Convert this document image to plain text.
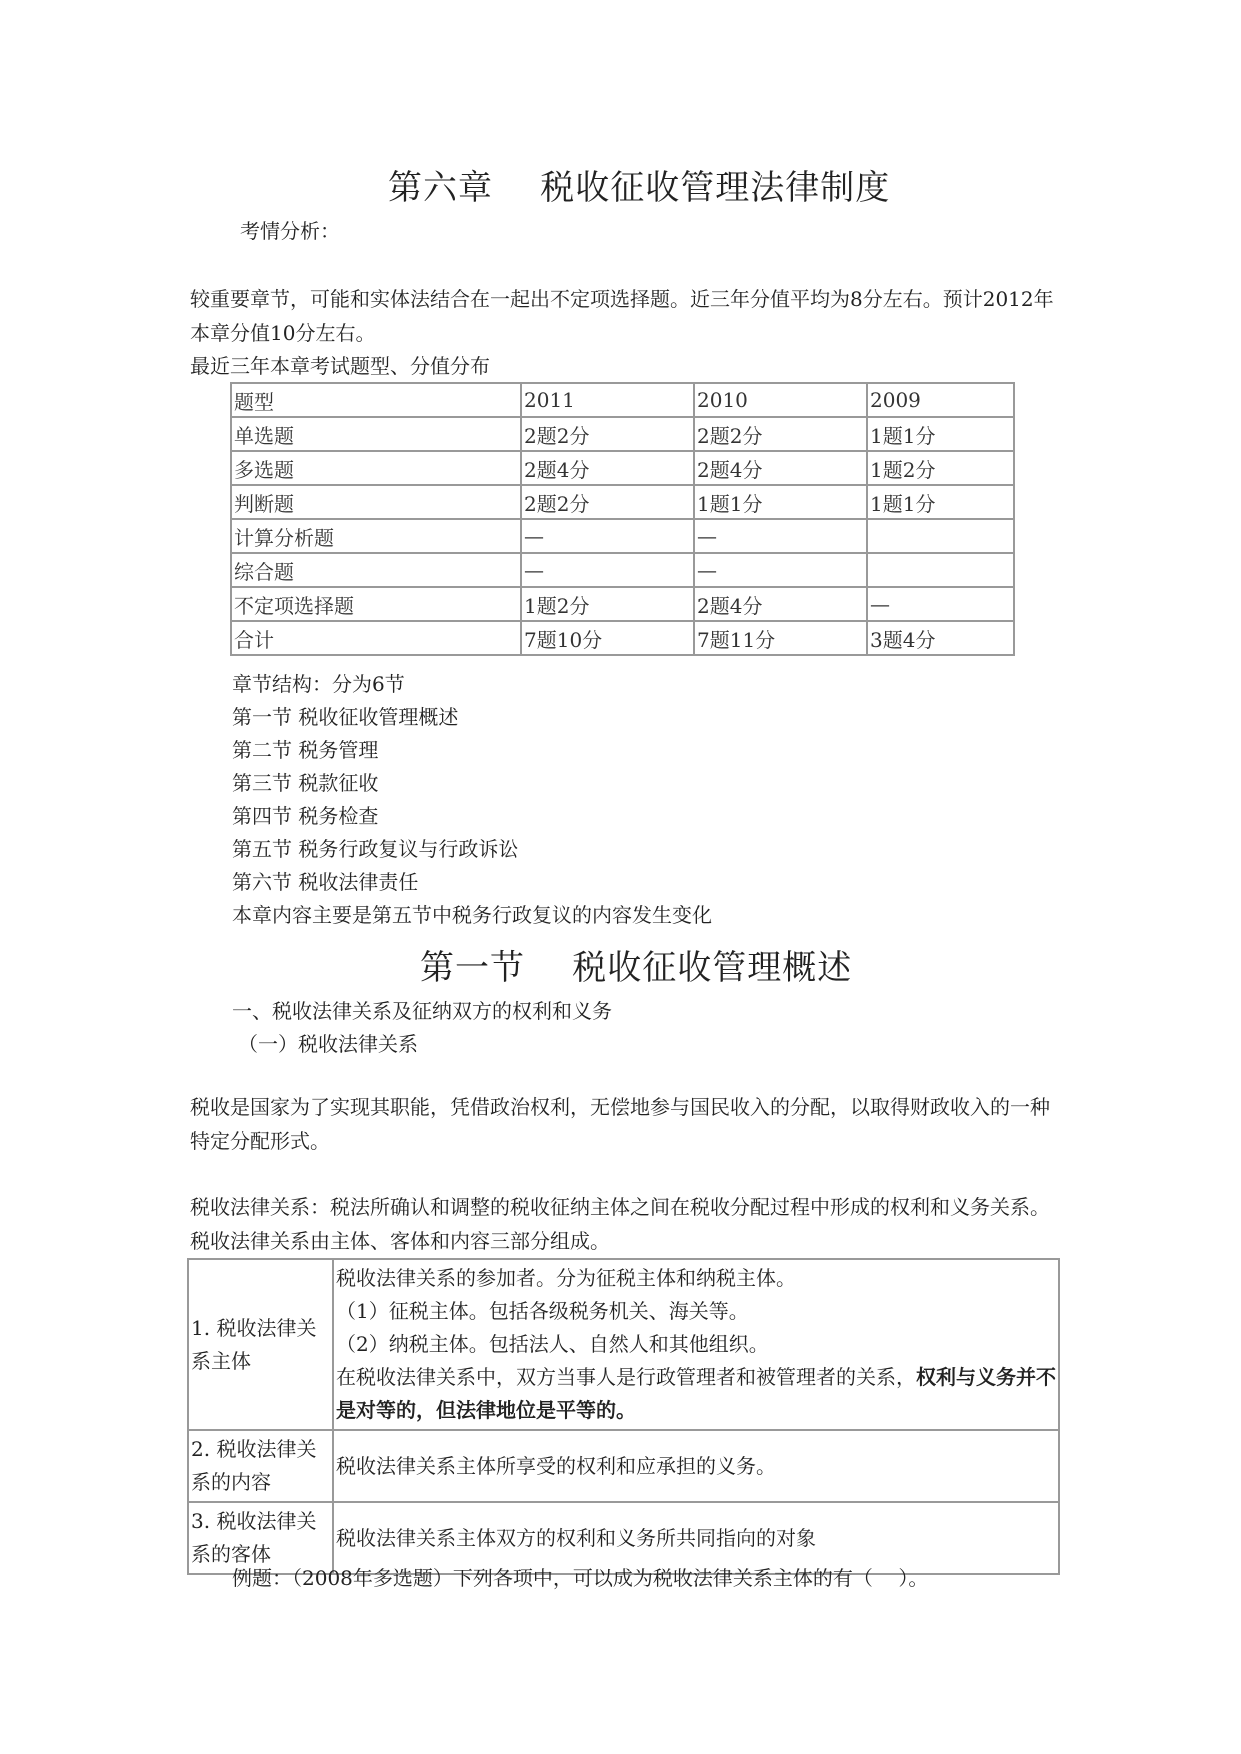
第六章    税收征收管理法律制度
考情分析：
较重要章节，可能和实体法结合在一起出不定项选择题。近三年分值平均为8分左右。预计2012年本章分值10分左右。
最近三年本章考试题型、分值分布
题型	2011	2010	2009
单选题	2题2分	2题2分	1题1分
多选题	2题4分	2题4分	1题2分
判断题	2题2分	1题1分	1题1分
计算分析题	—	—	
综合题	—	—	
不定项选择题	1题2分	2题4分	—
合计	7题10分	7题11分	3题4分
章节结构：分为6节
第一节 税收征收管理概述
第二节 税务管理
第三节 税款征收
第四节 税务检查
第五节 税务行政复议与行政诉讼
第六节 税收法律责任
本章内容主要是第五节中税务行政复议的内容发生变化
第一节    税收征收管理概述
一、税收法律关系及征纳双方的权利和义务
（一）税收法律关系
税收是国家为了实现其职能，凭借政治权利，无偿地参与国民收入的分配，以取得财政收入的一种特定分配形式。
税收法律关系：税法所确认和调整的税收征纳主体之间在税收分配过程中形成的权利和义务关系。税收法律关系由主体、客体和内容三部分组成。
1. 税收法律关系主体	税收法律关系的参加者。分为征税主体和纳税主体。
（1）征税主体。包括各级税务机关、海关等。
（2）纳税主体。包括法人、自然人和其他组织。
在税收法律关系中，双方当事人是行政管理者和被管理者的关系，权利与义务并不是对等的，但法律地位是平等的。

2. 税收法律关系的内容	税收法律关系主体所享受的权利和应承担的义务。
3. 税收法律关系的客体	税收法律关系主体双方的权利和义务所共同指向的对象
例题：（2008年多选题）下列各项中，可以成为税收法律关系主体的有（    ）。
